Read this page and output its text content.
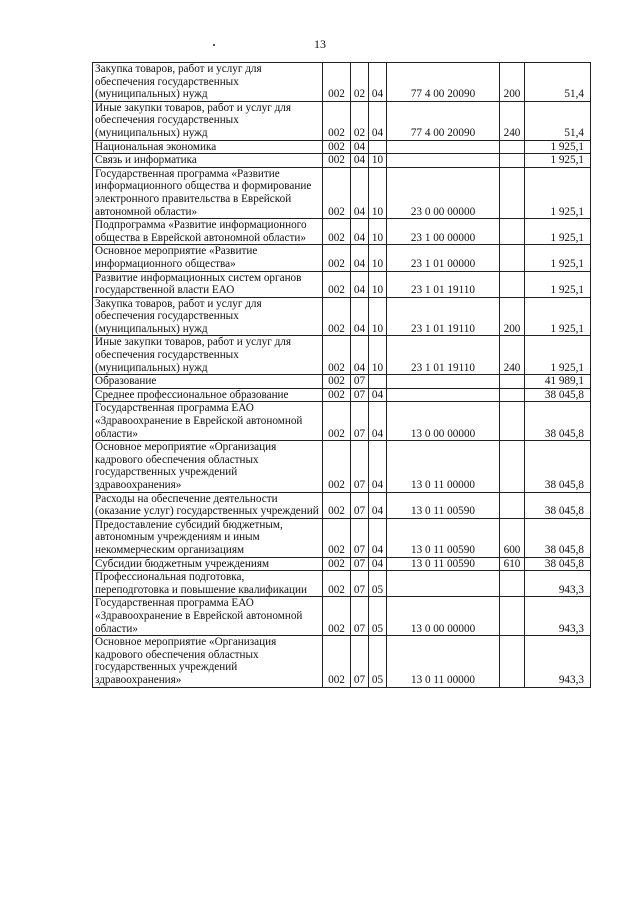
13
Закупка товаров, работ и услуг для обеспечения государственных (муниципальных) нужд	002	02	04	77 4 00 20090	200	51,4
Иные закупки товаров, работ и услуг для обеспечения государственных (муниципальных) нужд	002	02	04	77 4 00 20090	240	51,4
Национальная экономика	002	04				1 925,1
Связь и информатика	002	04	10			1 925,1
Государственная программа «Развитие информационного общества и формирование электронного правительства в Еврейской автономной области»	002	04	10	23 0 00 00000		1 925,1
Подпрограмма «Развитие информационного общества в Еврейской автономной области»	002	04	10	23 1 00 00000		1 925,1
Основное мероприятие «Развитие информационного общества»	002	04	10	23 1 01 00000		1 925,1
Развитие информационных систем органов государственной власти ЕАО	002	04	10	23 1 01 19110		1 925,1
Закупка товаров, работ и услуг для обеспечения государственных (муниципальных) нужд	002	04	10	23 1 01 19110	200	1 925,1
Иные закупки товаров, работ и услуг для обеспечения государственных (муниципальных) нужд	002	04	10	23 1 01 19110	240	1 925,1
Образование	002	07				41 989,1
Среднее профессиональное образование	002	07	04			38 045,8
Государственная программа ЕАО «Здравоохранение в Еврейской автономной области»	002	07	04	13 0 00 00000		38 045,8
Основное мероприятие «Организация кадрового обеспечения областных государственных учреждений здравоохранения»	002	07	04	13 0 11 00000		38 045,8
Расходы на обеспечение деятельности (оказание услуг) государственных учреждений	002	07	04	13 0 11 00590		38 045,8
Предоставление субсидий бюджетным, автономным учреждениям и иным некоммерческим организациям	002	07	04	13 0 11 00590	600	38 045,8
Субсидии бюджетным учреждениям	002	07	04	13 0 11 00590	610	38 045,8
Профессиональная подготовка, переподготовка и повышение квалификации	002	07	05			943,3
Государственная программа ЕАО «Здравоохранение в Еврейской автономной области»	002	07	05	13 0 00 00000		943,3
Основное мероприятие «Организация кадрового обеспечения областных государственных учреждений здравоохранения»	002	07	05	13 0 11 00000		943,3
